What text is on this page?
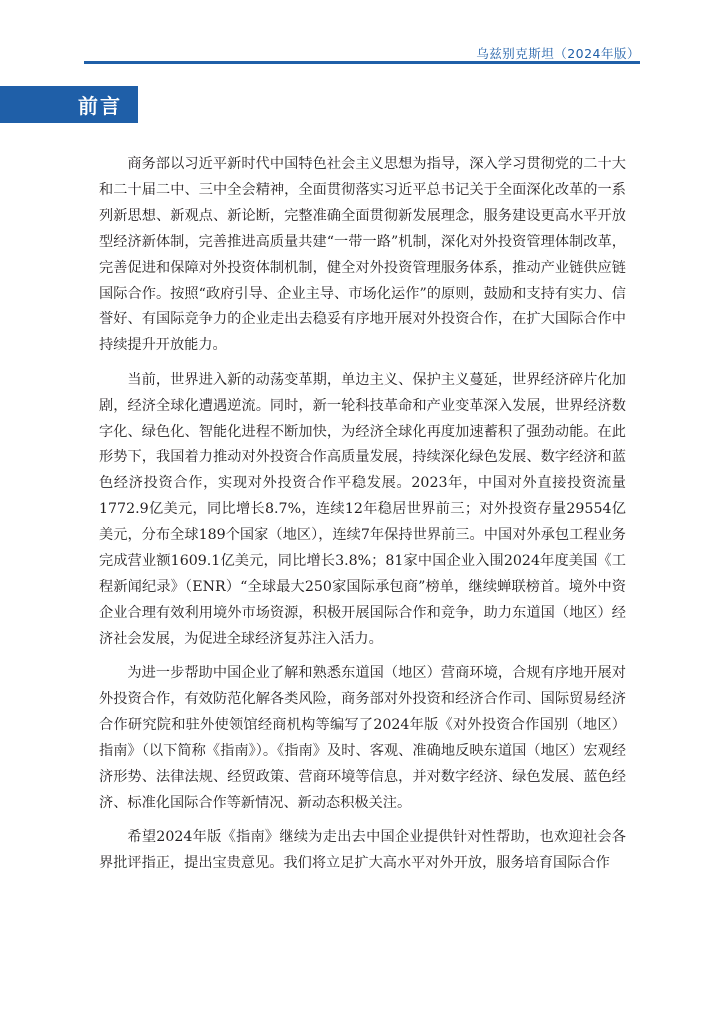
乌兹别克斯坦（2024年版）
前言

商务部以习近平新时代中国特色社会主义思想为指导，深入学习贯彻党的二十大和二十届二中、三中全会精神，全面贯彻落实习近平总书记关于全面深化改革的一系列新思想、新观点、新论断，完整准确全面贯彻新发展理念，服务建设更高水平开放型经济新体制，完善推进高质量共建“一带一路”机制，深化对外投资管理体制改革，完善促进和保障对外投资体制机制，健全对外投资管理服务体系，推动产业链供应链国际合作。按照“政府引导、企业主导、市场化运作”的原则，鼓励和支持有实力、信誉好、有国际竞争力的企业走出去稳妥有序地开展对外投资合作，在扩大国际合作中持续提升开放能力。

当前，世界进入新的动荡变革期，单边主义、保护主义蔓延，世界经济碎片化加剧，经济全球化遭遇逆流。同时，新一轮科技革命和产业变革深入发展，世界经济数字化、绿色化、智能化进程不断加快，为经济全球化再度加速蓄积了强劲动能。在此形势下，我国着力推动对外投资合作高质量发展，持续深化绿色发展、数字经济和蓝色经济投资合作，实现对外投资合作平稳发展。2023年，中国对外直接投资流量1772.9亿美元，同比增长8.7%，连续12年稳居世界前三；对外投资存量29554亿美元，分布全球189个国家（地区），连续7年保持世界前三。中国对外承包工程业务完成营业额1609.1亿美元，同比增长3.8%；81家中国企业入围2024年度美国《工程新闻纪录》（ENR）“全球最大250家国际承包商”榜单，继续蝉联榜首。境外中资企业合理有效利用境外市场资源，积极开展国际合作和竞争，助力东道国（地区）经济社会发展，为促进全球经济复苏注入活力。

为进一步帮助中国企业了解和熟悉东道国（地区）营商环境，合规有序地开展对外投资合作，有效防范化解各类风险，商务部对外投资和经济合作司、国际贸易经济合作研究院和驻外使领馆经商机构等编写了2024年版《对外投资合作国别（地区）指南》（以下简称《指南》）。《指南》及时、客观、准确地反映东道国（地区）宏观经济形势、法律法规、经贸政策、营商环境等信息，并对数字经济、绿色发展、蓝色经济、标准化国际合作等新情况、新动态积极关注。

希望2024年版《指南》继续为走出去中国企业提供针对性帮助，也欢迎社会各界批评指正，提出宝贵意见。我们将立足扩大高水平对外开放，服务培育国际合作
